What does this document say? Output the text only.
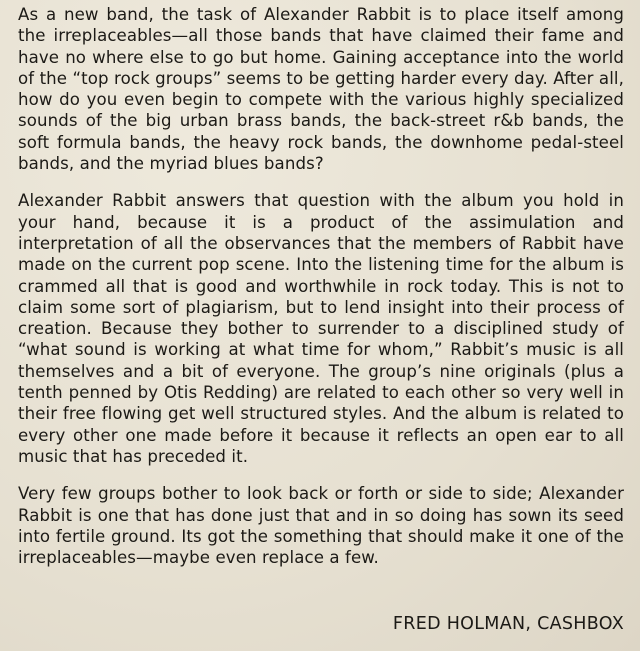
As a new band, the task of Alexander Rabbit is to place itself among the irreplaceables—all those bands that have claimed their fame and have no where else to go but home. Gaining acceptance into the world of the “top rock groups” seems to be getting harder every day. After all, how do you even begin to compete with the various highly specialized sounds of the big urban brass bands, the back-street r&b bands, the soft formula bands, the heavy rock bands, the downhome pedal-steel bands, and the myriad blues bands?

Alexander Rabbit answers that question with the album you hold in your hand, because it is a product of the assimulation and interpretation of all the observances that the members of Rabbit have made on the current pop scene. Into the listening time for the album is crammed all that is good and worthwhile in rock today. This is not to claim some sort of plagiarism, but to lend insight into their process of creation. Because they bother to surrender to a disciplined study of “what sound is working at what time for whom,” Rabbit’s music is all themselves and a bit of everyone. The group’s nine originals (plus a tenth penned by Otis Redding) are related to each other so very well in their free flowing get well structured styles. And the album is related to every other one made before it because it reflects an open ear to all music that has preceded it.

Very few groups bother to look back or forth or side to side; Alexander Rabbit is one that has done just that and in so doing has sown its seed into fertile ground. Its got the something that should make it one of the irreplaceables—maybe even replace a few.

FRED HOLMAN, CASHBOX
